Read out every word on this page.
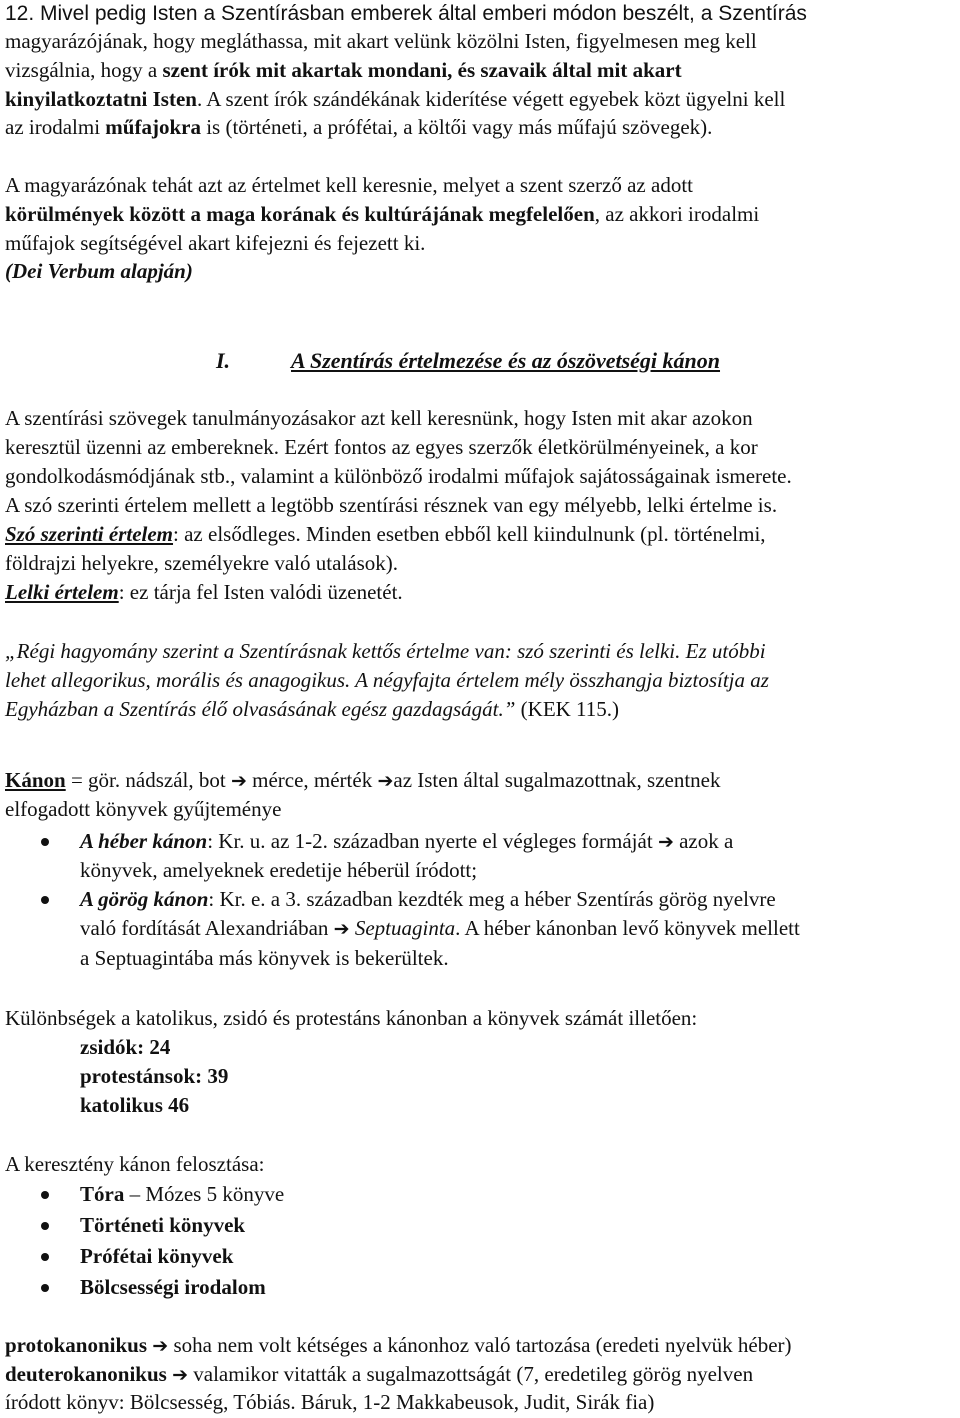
12. Mivel pedig Isten a Szentírásban emberek által emberi módon beszélt, a Szentírás
magyarázójának, hogy megláthassa, mit akart velünk közölni Isten, figyelmesen meg kell
vizsgálnia, hogy a szent írók mit akartak mondani, és szavaik által mit akart
kinyilatkoztatni Isten. A szent írók szándékának kiderítése végett egyebek közt ügyelni kell
az irodalmi műfajokra is (történeti, a prófétai, a költői vagy más műfajú szövegek).
A magyarázónak tehát azt az értelmet kell keresnie, melyet a szent szerző az adott
körülmények között a maga korának és kultúrájának megfelelően, az akkori irodalmi
műfajok segítségével akart kifejezni és fejezett ki.
(Dei Verbum alapján)
I.	A Szentírás értelmezése és az ószövetségi kánon
A szentírási szövegek tanulmányozásakor azt kell keresnünk, hogy Isten mit akar azokon
keresztül üzenni az embereknek. Ezért fontos az egyes szerzők életkörülményeinek, a kor
gondolkodásmódjának stb., valamint a különböző irodalmi műfajok sajátosságainak ismerete.
A szó szerinti értelem mellett a legtöbb szentírási résznek van egy mélyebb, lelki értelme is.
Szó szerinti értelem: az elsődleges. Minden esetben ebből kell kiindulnunk (pl. történelmi,
földrajzi helyekre, személyekre való utalások).
Lelki értelem: ez tárja fel Isten valódi üzenetét.
„Régi hagyomány szerint a Szentírásnak kettős értelme van: szó szerinti és lelki. Ez utóbbi
lehet allegorikus, morális és anagogikus. A négyfajta értelem mély összhangja biztosítja az
Egyházban a Szentírás élő olvasásának egész gazdagságát.” (KEK 115.)
Kánon = gör. nádszál, bot ➔ mérce, mérték ➔az Isten által sugalmazottnak, szentnek
elfogadott könyvek gyűjteménye
A héber kánon: Kr. u. az 1-2. században nyerte el végleges formáját ➔ azok a
könyvek, amelyeknek eredetije héberül íródott;
A görög kánon: Kr. e. a 3. században kezdték meg a héber Szentírás görög nyelvre
való fordítását Alexandriában ➔ Septuaginta. A héber kánonban levő könyvek mellett
a Septuagintába más könyvek is bekerültek.
Különbségek a katolikus, zsidó és protestáns kánonban a könyvek számát illetően:
zsidók: 24
protestánsok: 39
katolikus 46
A keresztény kánon felosztása:
Tóra – Mózes 5 könyve
Történeti könyvek
Prófétai könyvek
Bölcsességi irodalom
protokanonikus ➔ soha nem volt kétséges a kánonhoz való tartozása (eredeti nyelvük héber)
deuterokanonikus ➔ valamikor vitatták a sugalmazottságát (7, eredetileg görög nyelven
íródott könyv: Bölcsesség, Tóbiás. Báruk, 1-2 Makkabeusok, Judit, Sirák fia)
